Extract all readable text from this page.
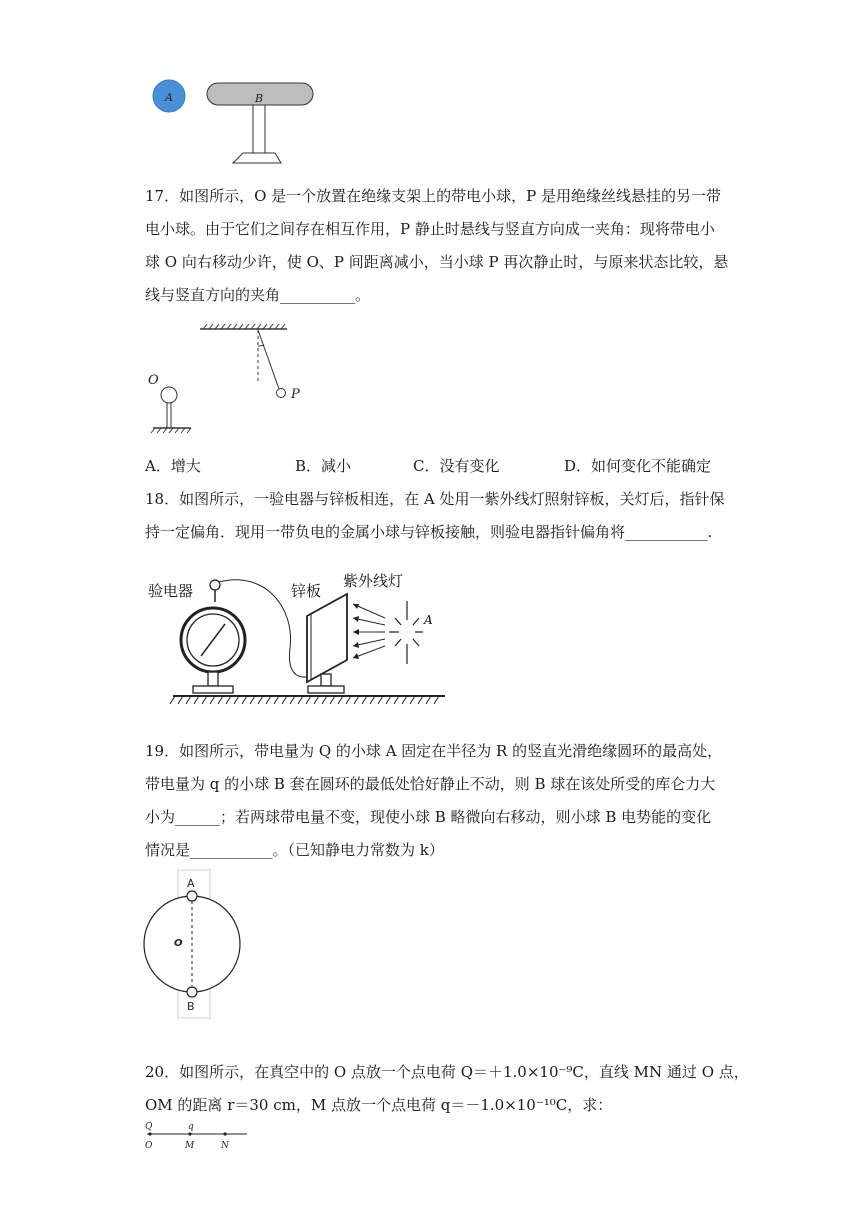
A	B
17．如图所示，O 是一个放置在绝缘支架上的带电小球，P 是用绝缘丝线悬挂的另一带
电小球。由于它们之间存在相互作用，P 静止时悬线与竖直方向成一夹角：现将带电小
球 O 向右移动少许，使 O、P 间距离减小，当小球 P 再次静止时，与原来状态比较，悬
线与竖直方向的夹角__________。
P
O
A．增大	B．减小	C．没有变化	D．如何变化不能确定
18．如图所示，一验电器与锌板相连，在 A 处用一紫外线灯照射锌板，关灯后，指针保
持一定偏角．现用一带负电的金属小球与锌板接触，则验电器指针偏角将___________.
验电器	锌板
紫外线灯
A
19．如图所示，带电量为 Q 的小球 A 固定在半径为 R 的竖直光滑绝缘圆环的最高处，
带电量为 q 的小球 B 套在圆环的最低处恰好静止不动，则 B 球在该处所受的库仑力大
小为______；若两球带电量不变，现使小球 B 略微向右移动，则小球 B 电势能的变化
情况是___________。（已知静电力常数为 k）
A
O
B
20．如图所示，在真空中的 O 点放一个点电荷 Q＝＋1.0×10⁻⁹C，直线 MN 通过 O 点，
OM 的距离 r＝30 cm，M 点放一个点电荷 q＝－1.0×10⁻¹⁰C，求：
Q	q
O	M	N
